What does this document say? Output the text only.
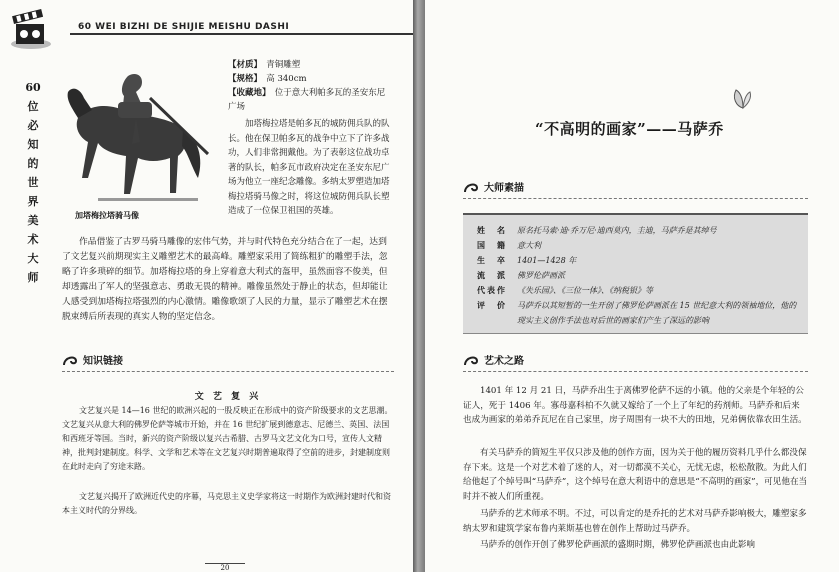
60 WEI BIZHI DE SHIJIE MEISHU DASHI
60
位
必
知
的
世
界
美
术
大
师
加塔梅拉塔骑马像
【材质】　 青铜雕塑
【规格】　 高 340cm
【收藏地】　 位于意大利帕多瓦的圣安东尼广场

加塔梅拉塔是帕多瓦的城防佣兵队的队长。他在保卫帕多瓦的战争中立下了许多战功，人们非常拥戴他。为了表彰这位战功卓著的队长，帕多瓦市政府决定在圣安东尼广场为他立一座纪念雕像。多纳太罗塑造加塔梅拉塔骑马像之时，将这位城防佣兵队长塑造成了一位保卫祖国的英雄。

作品借鉴了古罗马骑马雕像的宏伟气势，并与时代特色充分结合在了一起，达到了文艺复兴前期现实主义雕塑艺术的最高峰。雕塑家采用了简练粗犷的雕塑手法，忽略了许多琐碎的细节。加塔梅拉塔的身上穿着意大利式的盔甲，虽然面容不俊美，但却透露出了军人的坚强意志、勇敢无畏的精神。雕像虽然处于静止的状态，但却能让人感受到加塔梅拉塔强烈的内心激情。雕像歌颂了人民的力量，显示了雕塑艺术在摆脱束缚后所表现的真实人物的坚定信念。

知识链接
文 艺 复 兴

文艺复兴是 14—16 世纪的欧洲兴起的一股反映正在形成中的资产阶级要求的文艺思潮。文艺复兴从意大利的佛罗伦萨等城市开始，并在 16 世纪扩展到德意志、尼德兰、英国、法国和西班牙等国。当时，新兴的资产阶级以复兴古希腊、古罗马文艺文化为口号，宣传人文精神，批判封建制度。科学、文学和艺术等在文艺复兴时期普遍取得了空前的进步，封建制度则在此时走向了穷途末路。

文艺复兴揭开了欧洲近代史的序幕，马克思主义史学家将这一时期作为欧洲封建时代和资本主义时代的分界线。

20
“不高明的画家”——马萨乔
大师素描
姓　名	原名托马索·迪·乔万尼·迪西莫内，圭迪，马萨乔是其绰号
国　籍	意大利
生　卒	1401—1428 年
流　派	佛罗伦萨画派
代表作	《失乐园》、《三位一体》、《纳税银》等
评　价	马萨乔以其短暂的一生开创了佛罗伦萨画派在 15 世纪意大利的领袖地位，他的现实主义创作手法也对后世的画家们产生了深远的影响
艺术之路

1401 年 12 月 21 日，马萨乔出生于离佛罗伦萨不远的小镇。他的父亲是个年轻的公证人，死于 1406 年。寡母嘉科柏不久就又嫁给了一个上了年纪的药剂师。马萨乔和后来也成为画家的弟弟乔瓦尼在自己家里，房子周围有一块不大的田地，兄弟俩依靠农田生活。

有关马萨乔的简短生平仅只涉及他的创作方面，因为关于他的履历资料几乎什么都没保存下来。这是一个对艺术着了迷的人，对一切都漠不关心，无忧无虑，松松散散。为此人们给他起了个绰号叫“马萨乔”，这个绰号在意大利语中的意思是“不高明的画家”，可见他在当时并不被人们所重视。

马萨乔的艺术师承不明。不过，可以肯定的是乔托的艺术对马萨乔影响极大，雕塑家多纳太罗和建筑学家布鲁内莱斯基也曾在创作上帮助过马萨乔。

马萨乔的创作开创了佛罗伦萨画派的盛期时期，佛罗伦萨画派也由此影响
